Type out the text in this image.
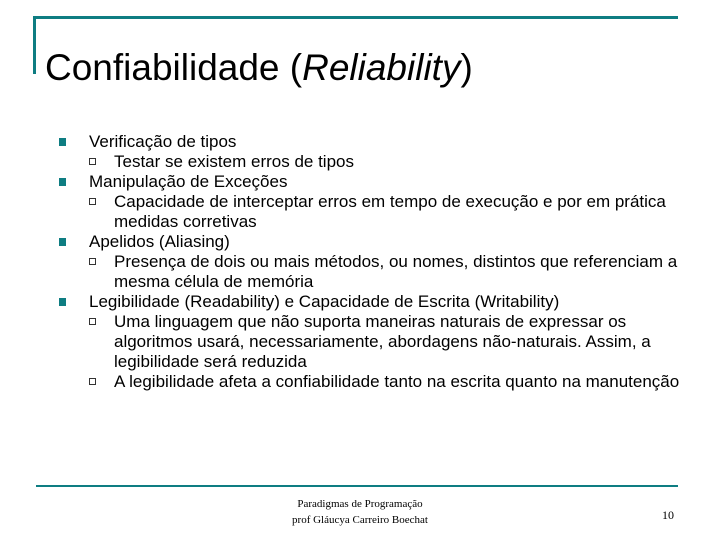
Confiabilidade (Reliability)
Verificação de tipos
Testar se existem erros de tipos
Manipulação de Exceções
Capacidade de interceptar erros em tempo de execução e por em prática medidas corretivas
Apelidos (Aliasing)
Presença de dois ou mais métodos, ou nomes, distintos que referenciam a mesma célula de memória
Legibilidade (Readability) e Capacidade de Escrita (Writability)
Uma linguagem que não suporta maneiras naturais de expressar os algoritmos usará, necessariamente, abordagens não-naturais. Assim, a legibilidade será reduzida
A legibilidade afeta a confiabilidade tanto na escrita quanto na manutenção
Paradigmas de Programação
prof Gláucya Carreiro Boechat	10
